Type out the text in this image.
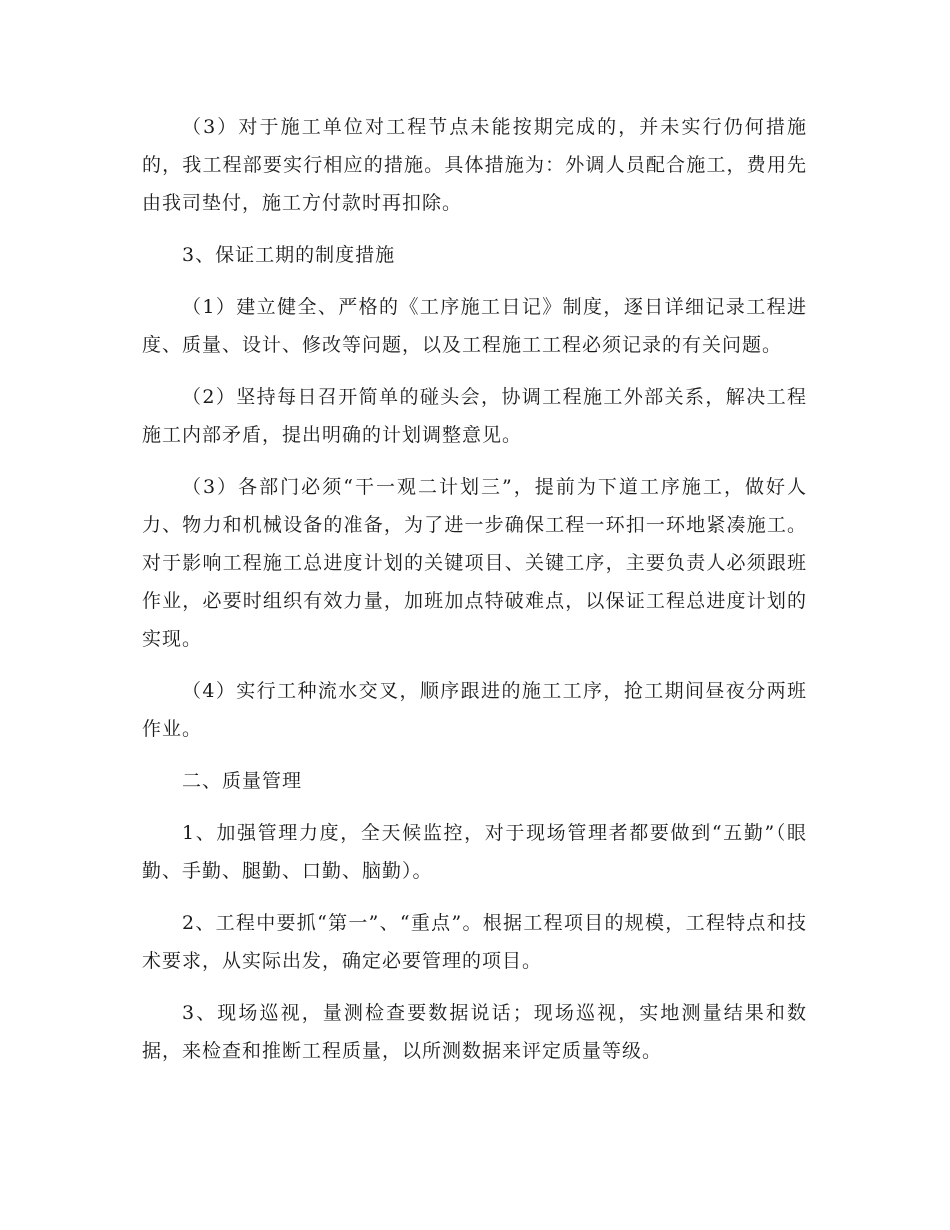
（3）对于施工单位对工程节点未能按期完成的，并未实行仍何措施的，我工程部要实行相应的措施。具体措施为：外调人员配合施工，费用先由我司垫付，施工方付款时再扣除。

3、保证工期的制度措施

（1）建立健全、严格的《工序施工日记》制度，逐日详细记录工程进度、质量、设计、修改等问题，以及工程施工工程必须记录的有关问题。

（2）坚持每日召开简单的碰头会，协调工程施工外部关系，解决工程施工内部矛盾，提出明确的计划调整意见。

（3）各部门必须“干一观二计划三”，提前为下道工序施工，做好人力、物力和机械设备的准备，为了进一步确保工程一环扣一环地紧凑施工。对于影响工程施工总进度计划的关键项目、关键工序，主要负责人必须跟班作业，必要时组织有效力量，加班加点特破难点，以保证工程总进度计划的实现。

（4）实行工种流水交叉，顺序跟进的施工工序，抢工期间昼夜分两班作业。

二、质量管理

1、加强管理力度，全天候监控，对于现场管理者都要做到“五勤”（眼勤、手勤、腿勤、口勤、脑勤）。

2、工程中要抓“第一”、“重点”。根据工程项目的规模，工程特点和技术要求，从实际出发，确定必要管理的项目。

3、现场巡视，量测检查要数据说话；现场巡视，实地测量结果和数据，来检查和推断工程质量，以所测数据来评定质量等级。
